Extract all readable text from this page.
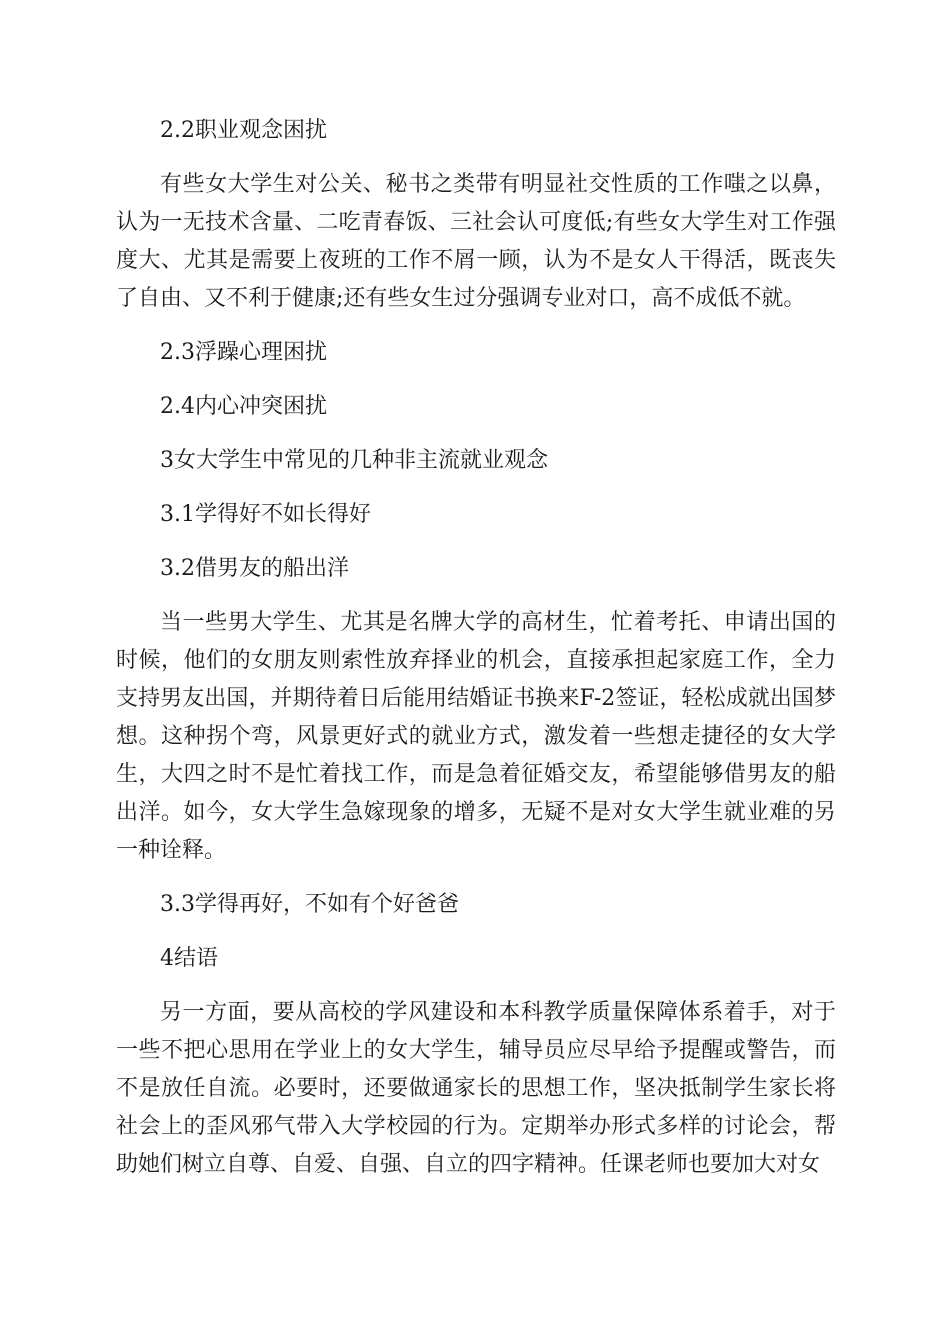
2.2职业观念困扰

有些女大学生对公关、秘书之类带有明显社交性质的工作嗤之以鼻，认为一无技术含量、二吃青春饭、三社会认可度低;有些女大学生对工作强度大、尤其是需要上夜班的工作不屑一顾，认为不是女人干得活，既丧失了自由、又不利于健康;还有些女生过分强调专业对口，高不成低不就。

2.3浮躁心理困扰

2.4内心冲突困扰

3女大学生中常见的几种非主流就业观念

3.1学得好不如长得好

3.2借男友的船出洋

当一些男大学生、尤其是名牌大学的高材生，忙着考托、申请出国的时候，他们的女朋友则索性放弃择业的机会，直接承担起家庭工作，全力支持男友出国，并期待着日后能用结婚证书换来F-2签证，轻松成就出国梦想。这种拐个弯，风景更好式的就业方式，激发着一些想走捷径的女大学生，大四之时不是忙着找工作，而是急着征婚交友，希望能够借男友的船出洋。如今，女大学生急嫁现象的增多，无疑不是对女大学生就业难的另一种诠释。

3.3学得再好，不如有个好爸爸

4结语

另一方面，要从高校的学风建设和本科教学质量保障体系着手，对于一些不把心思用在学业上的女大学生，辅导员应尽早给予提醒或警告，而不是放任自流。必要时，还要做通家长的思想工作，坚决抵制学生家长将社会上的歪风邪气带入大学校园的行为。定期举办形式多样的讨论会，帮助她们树立自尊、自爱、自强、自立的四字精神。任课老师也要加大对女
